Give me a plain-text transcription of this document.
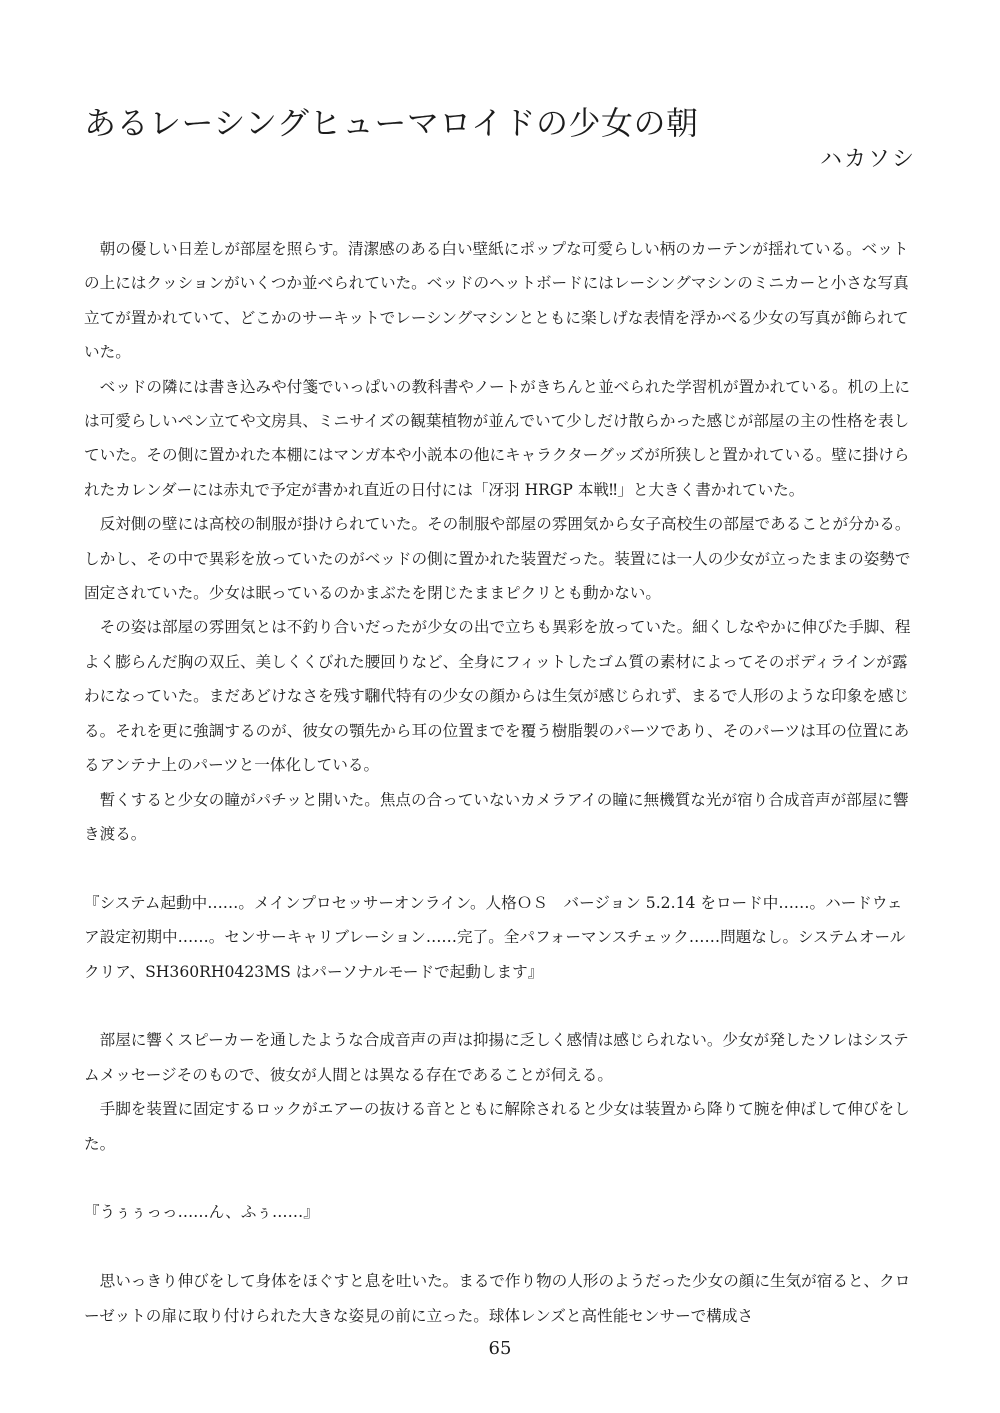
あるレーシングヒューマロイドの少女の朝
ハカソシ

朝の優しい日差しが部屋を照らす。清潔感のある白い壁紙にポップな可愛らしい柄のカーテンが揺れている。ベットの上にはクッションがいくつか並べられていた。ベッドのヘットボードにはレーシングマシンのミニカーと小さな写真立てが置かれていて、どこかのサーキットでレーシングマシンとともに楽しげな表情を浮かべる少女の写真が飾られていた。

ベッドの隣には書き込みや付箋でいっぱいの教科書やノートがきちんと並べられた学習机が置かれている。机の上には可愛らしいペン立てや文房具、ミニサイズの観葉植物が並んでいて少しだけ散らかった感じが部屋の主の性格を表していた。その側に置かれた本棚にはマンガ本や小説本の他にキャラクターグッズが所狭しと置かれている。壁に掛けられたカレンダーには赤丸で予定が書かれ直近の日付には「冴羽 HRGP 本戦‼」と大きく書かれていた。

反対側の壁には高校の制服が掛けられていた。その制服や部屋の雰囲気から女子高校生の部屋であることが分かる。しかし、その中で異彩を放っていたのがベッドの側に置かれた装置だった。装置には一人の少女が立ったままの姿勢で固定されていた。少女は眠っているのかまぶたを閉じたままピクリとも動かない。

その姿は部屋の雰囲気とは不釣り合いだったが少女の出で立ちも異彩を放っていた。細くしなやかに伸びた手脚、程よく膨らんだ胸の双丘、美しくくびれた腰回りなど、全身にフィットしたゴム質の素材によってそのボディラインが露わになっていた。まだあどけなさを残す㍼代特有の少女の顔からは生気が感じられず、まるで人形のような印象を感じる。それを更に強調するのが、彼女の顎先から耳の位置までを覆う樹脂製のパーツであり、そのパーツは耳の位置にあるアンテナ上のパーツと一体化している。

暫くすると少女の瞳がパチッと開いた。焦点の合っていないカメラアイの瞳に無機質な光が宿り合成音声が部屋に響き渡る。

『システム起動中……。メインプロセッサーオンライン。人格ＯＳ　バージョン 5.2.14 をロード中……。ハードウェア設定初期中……。センサーキャリブレーション……完了。全パフォーマンスチェック……問題なし。システムオールクリア、SH360RH0423MS はパーソナルモードで起動します』

部屋に響くスピーカーを通したような合成音声の声は抑揚に乏しく感情は感じられない。少女が発したソレはシステムメッセージそのもので、彼女が人間とは異なる存在であることが伺える。

手脚を装置に固定するロックがエアーの抜ける音とともに解除されると少女は装置から降りて腕を伸ばして伸びをした。

『うぅぅっっ……ん、ふぅ……』

思いっきり伸びをして身体をほぐすと息を吐いた。まるで作り物の人形のようだった少女の顔に生気が宿ると、クローゼットの扉に取り付けられた大きな姿見の前に立った。球体レンズと高性能センサーで構成さ

65
